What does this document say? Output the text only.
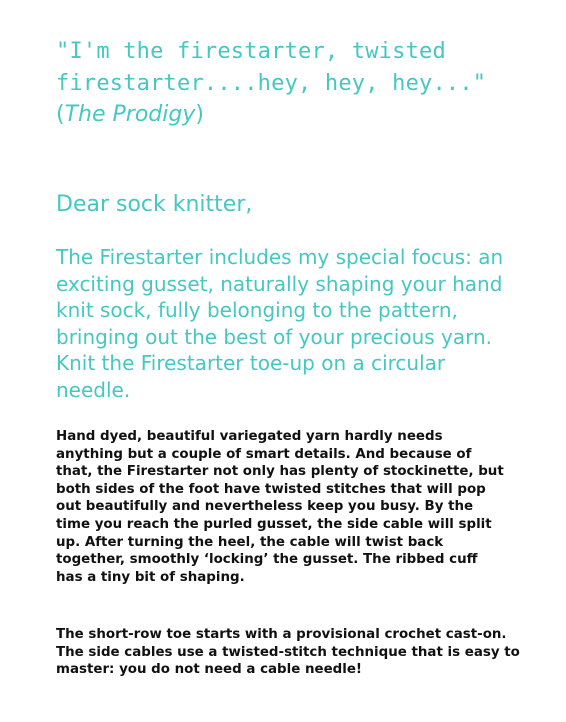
"I'm the firestarter, twisted
firestarter....hey, hey, hey..."
(The Prodigy)
Dear sock knitter,
The Firestarter includes my special focus: an
exciting gusset, naturally shaping your hand
knit sock, fully belonging to the pattern,
bringing out the best of your precious yarn.
Knit the Firestarter toe-up on a circular
needle.
Hand dyed, beautiful variegated yarn hardly needs
anything but a couple of smart details. And because of
that, the Firestarter not only has plenty of stockinette, but
both sides of the foot have twisted stitches that will pop
out beautifully and nevertheless keep you busy. By the
time you reach the purled gusset, the side cable will split
up. After turning the heel, the cable will twist back
together, smoothly ‘locking’ the gusset. The ribbed cuff
has a tiny bit of shaping.
The short-row toe starts with a provisional crochet cast-on.
The side cables use a twisted-stitch technique that is easy to
master: you do not need a cable needle!
